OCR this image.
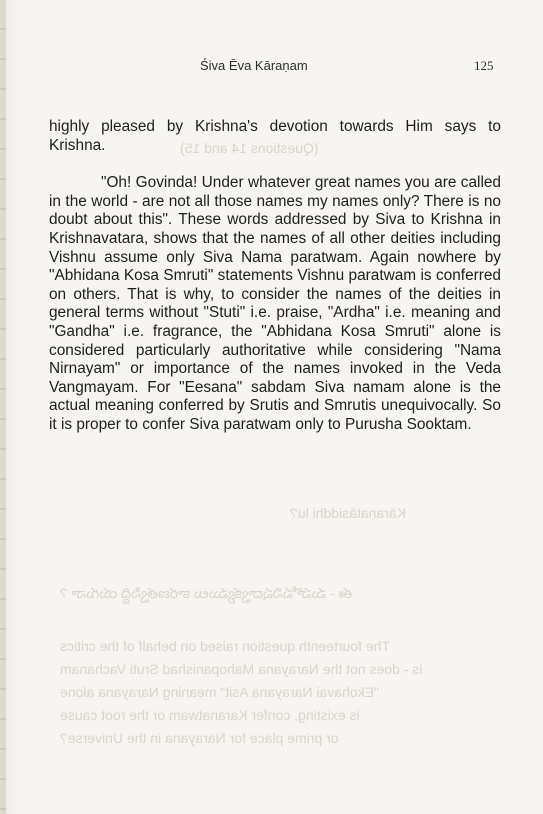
(Questions 14 and 15)
Kāraṇatāsiddhi lu?
ఈ - మహోపనిషద్వాక్యములు కారణత్వసిద్ధి యగునా ?
The fourteenth question raised on behalf of the critics
is - does not the Narayana Mahopanishad Sruti Vachanam
"Ekohavai Narayana Asit" meaning Narayana alone
is existing, confer Karanatwam or the root cause
or prime place for Narayana in the Universe?
Śiva Ēva Kāraṇam	125

highly pleased by Krishna's devotion towards Him says to Krishna.

"Oh! Govinda! Under whatever great names you are called in the world - are not all those names my names only? There is no doubt about this". These words addressed by Siva to Krishna in Krishnavatara, shows that the names of all other deities including Vishnu assume only Siva Nama paratwam. Again nowhere by "Abhidana Kosa Smruti" statements Vishnu paratwam is conferred on others. That is why, to consider the names of the deities in general terms without "Stuti" i.e. praise, "Ardha" i.e. meaning and "Gandha" i.e. fragrance, the "Abhidana Kosa Smruti" alone is considered particularly authoritative while considering "Nama Nirnayam" or importance of the names invoked in the Veda Vangmayam. For "Eesana" sabdam Siva namam alone is the actual meaning conferred by Srutis and Smrutis unequivocally. So it is proper to confer Siva paratwam only to Purusha Sooktam.
